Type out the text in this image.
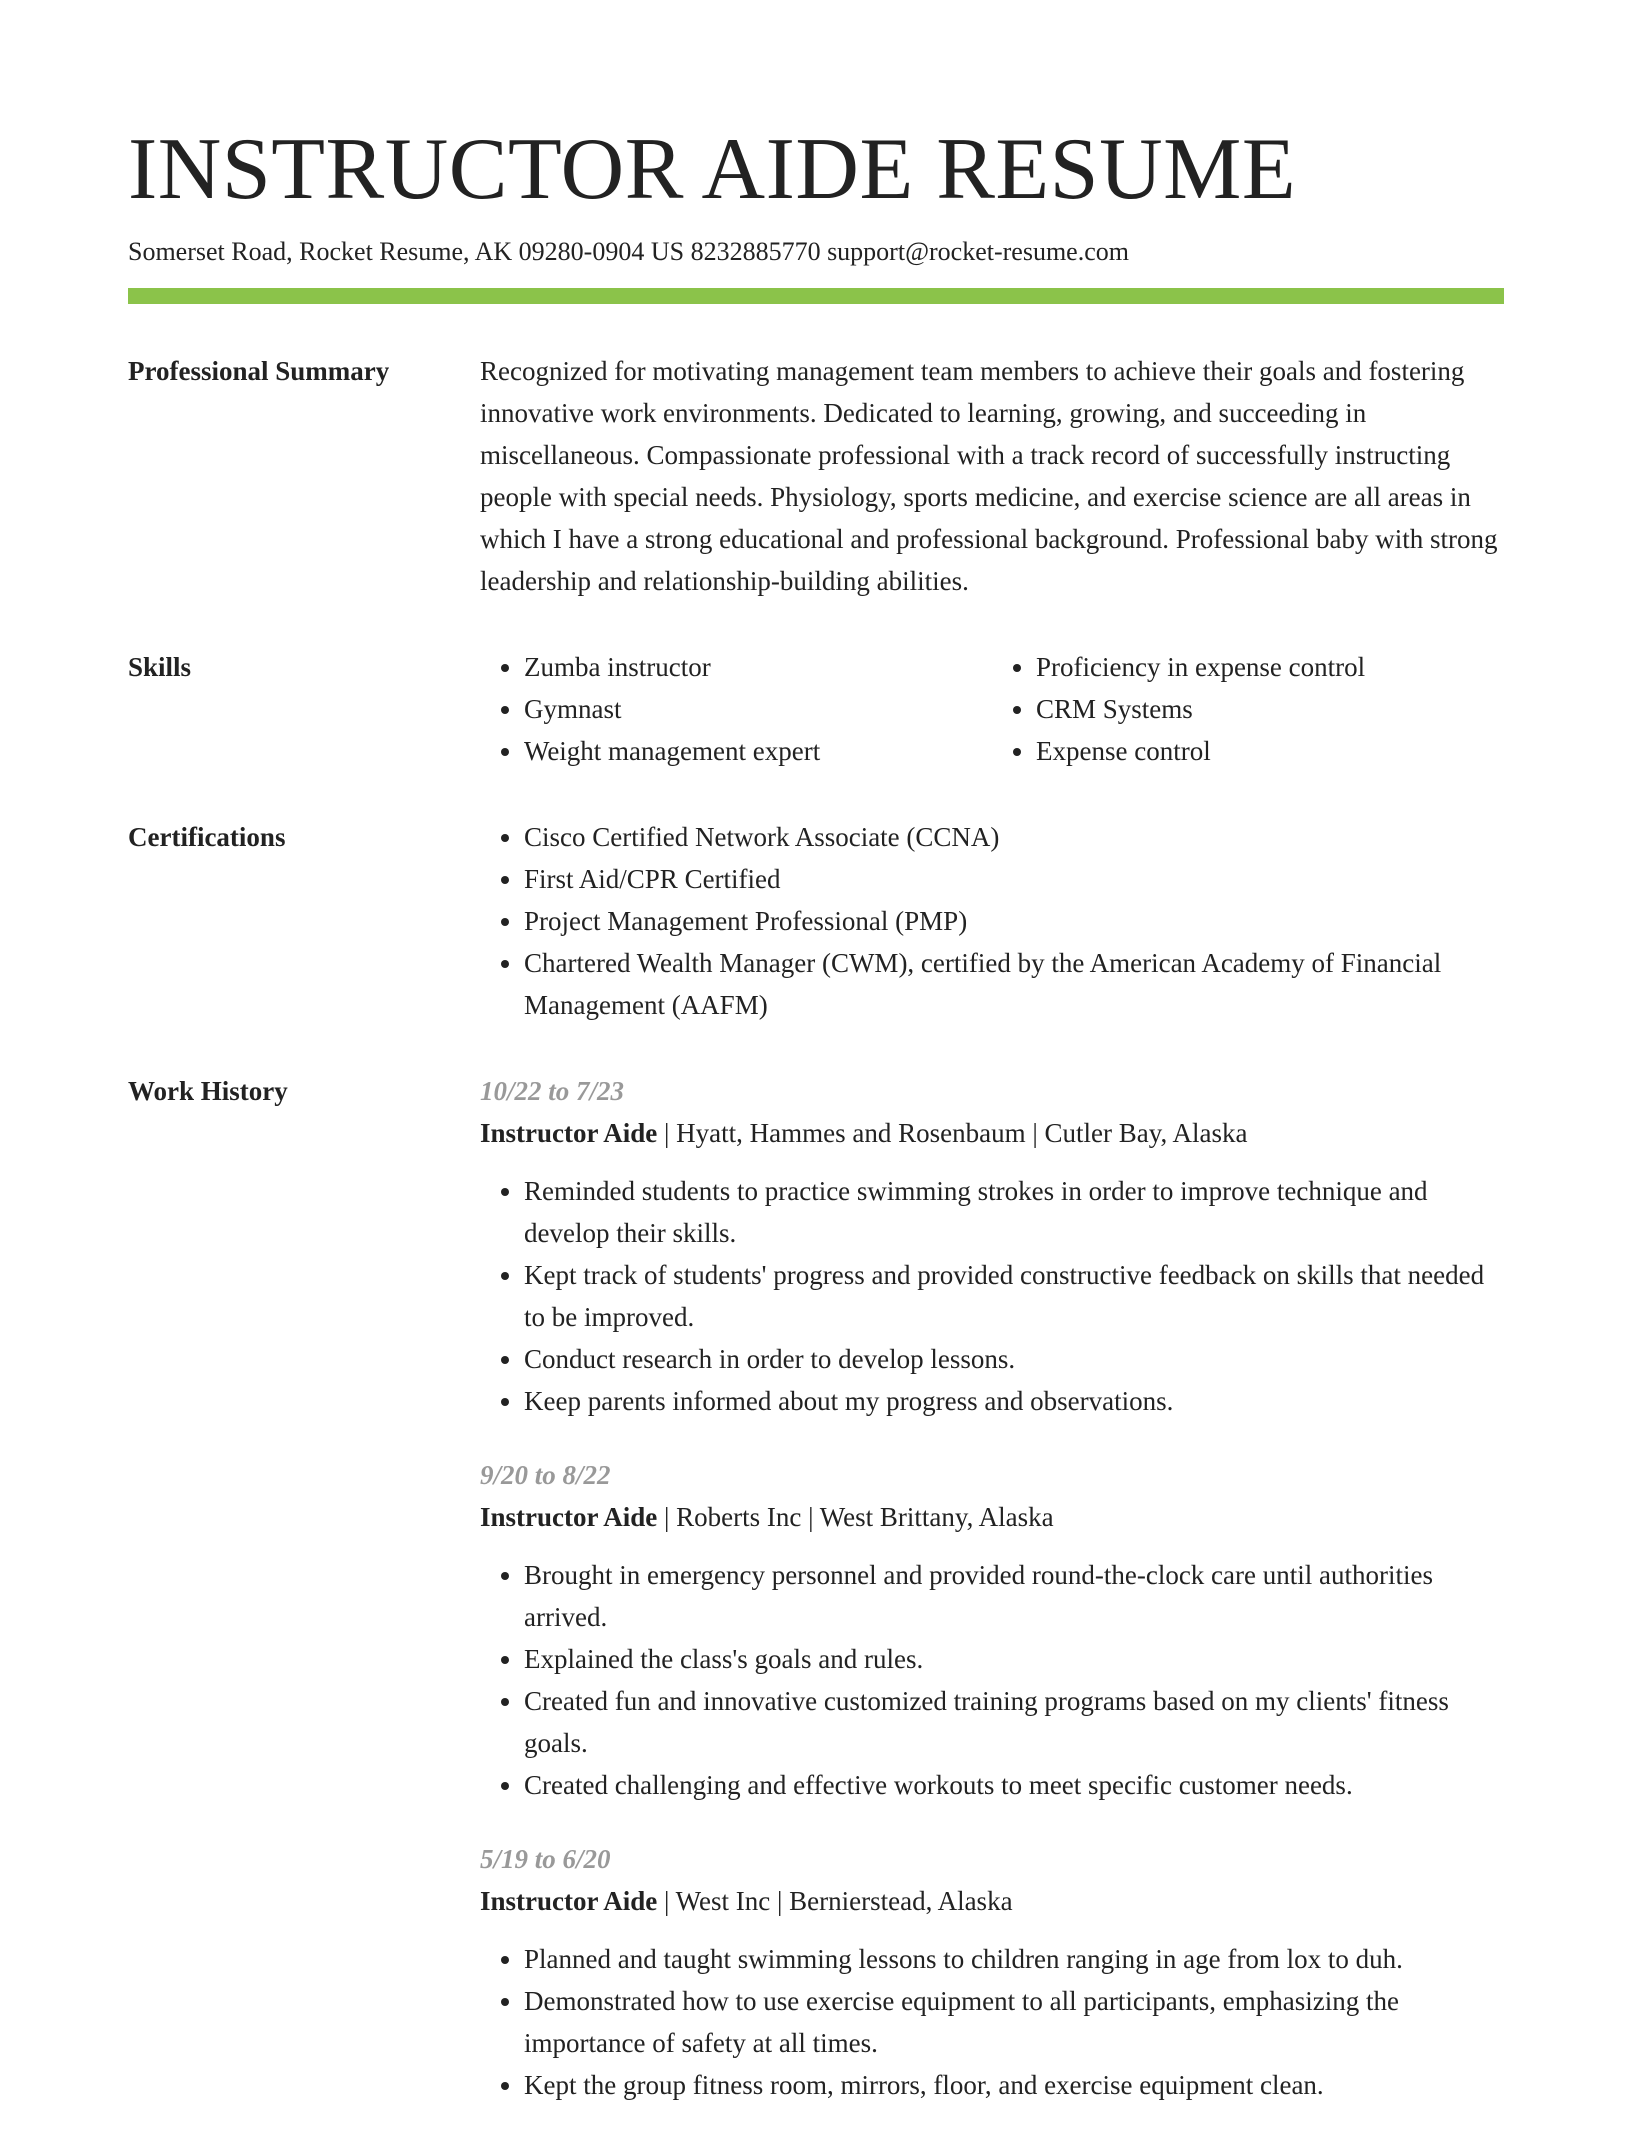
INSTRUCTOR AIDE RESUME
Somerset Road, Rocket Resume, AK 09280-0904 US 8232885770 support@rocket-resume.com
Professional Summary	Recognized for motivating management team members to achieve their goals and fostering innovative work environments. Dedicated to learning, growing, and succeeding in miscellaneous. Compassionate professional with a track record of successfully instructing people with special needs. Physiology, sports medicine, and exercise science are all areas in which I have a strong educational and professional background. Professional baby with strong leadership and relationship-building abilities.

Skills	• Zumba instructor
• Gymnast
• Weight management expert
• Proficiency in expense control
• CRM Systems
• Expense control
Certifications	• Cisco Certified Network Associate (CCNA)
• First Aid/CPR Certified
• Project Management Professional (PMP)
• Chartered Wealth Manager (CWM), certified by the American Academy of Financial Management (AAFM)
Work History	10/22 to 7/23
Instructor Aide | Hyatt, Hammes and Rosenbaum | Cutler Bay, Alaska
• Reminded students to practice swimming strokes in order to improve technique and develop their skills.
• Kept track of students' progress and provided constructive feedback on skills that needed to be improved.
• Conduct research in order to develop lessons.
• Keep parents informed about my progress and observations.
9/20 to 8/22
Instructor Aide | Roberts Inc | West Brittany, Alaska
• Brought in emergency personnel and provided round-the-clock care until authorities arrived.
• Explained the class's goals and rules.
• Created fun and innovative customized training programs based on my clients' fitness goals.
• Created challenging and effective workouts to meet specific customer needs.
5/19 to 6/20
Instructor Aide | West Inc | Bernierstead, Alaska
• Planned and taught swimming lessons to children ranging in age from lox to duh.
• Demonstrated how to use exercise equipment to all participants, emphasizing the importance of safety at all times.
• Kept the group fitness room, mirrors, floor, and exercise equipment clean.
